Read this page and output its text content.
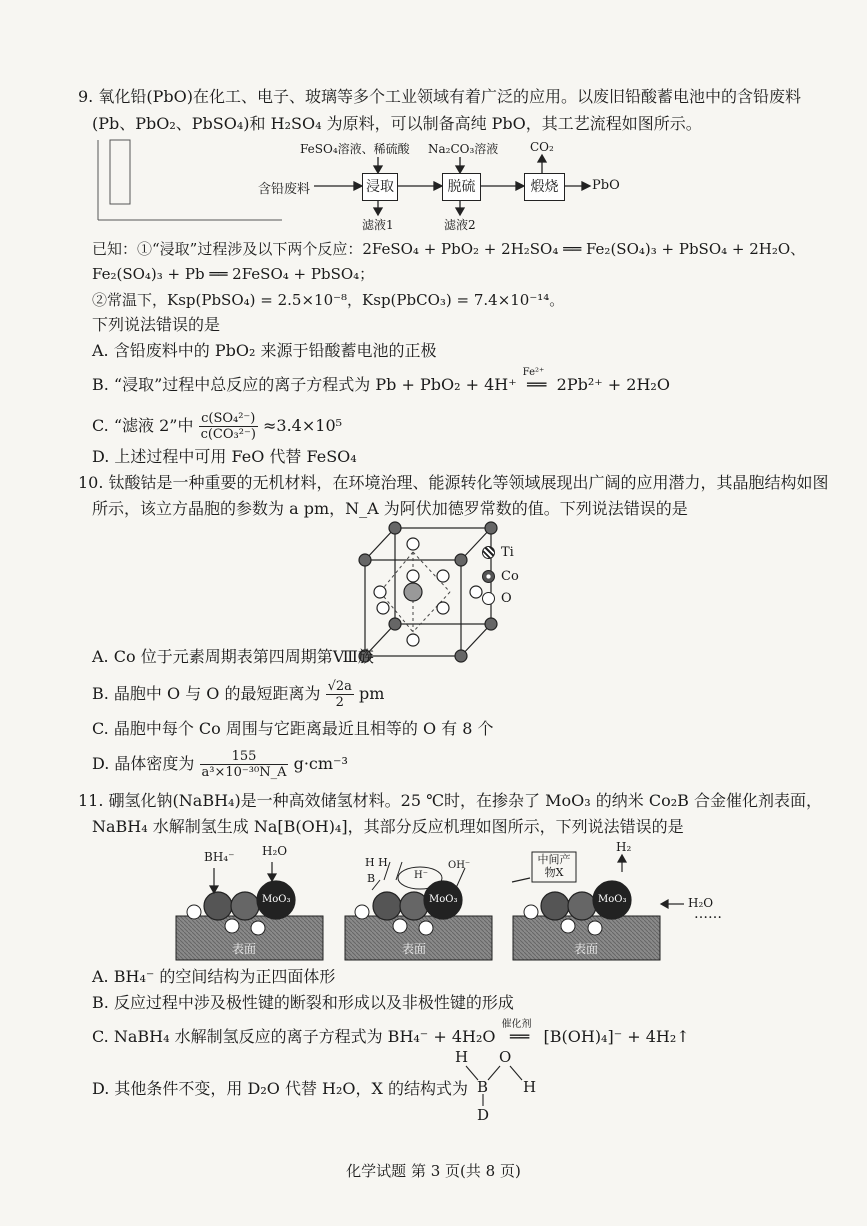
9. 氧化铅(PbO)在化工、电子、玻璃等多个工业领域有着广泛的应用。以废旧铅酸蓄电池中的含铅废料
(Pb、PbO₂、PbSO₄)和 H₂SO₄ 为原料，可以制备高纯 PbO，其工艺流程如图所示。
FeSO₄溶液、稀硫酸 Na₂CO₃溶液	CO₂
含铅废料	浸取	脱硫	煅烧	PbO
滤液1	滤液2
已知：①“浸取”过程涉及以下两个反应：2FeSO₄ + PbO₂ + 2H₂SO₄ ══ Fe₂(SO₄)₃ + PbSO₄ + 2H₂O、
Fe₂(SO₄)₃ + Pb ══ 2FeSO₄ + PbSO₄；
②常温下，Ksp(PbSO₄) = 2.5×10⁻⁸，Ksp(PbCO₃) = 7.4×10⁻¹⁴。
下列说法错误的是
A. 含铅废料中的 PbO₂ 来源于铅酸蓄电池的正极
B. “浸取”过程中总反应的离子方程式为 Pb + PbO₂ + 4H⁺
Fe²⁺
══ 2Pb²⁺ + 2H₂O
C. “滤液 2”中 $\frac{\text{c(SO₄²⁻)}}{\text{c(CO₃²⁻)}} \approx 3.4\times 10^5$
D. 上述过程中可用 FeO 代替 FeSO₄
10. 钛酸钴是一种重要的无机材料，在环境治理、能源转化等领域展现出广阔的应用潜力，其晶胞结构如图
所示，该立方晶胞的参数为 a pm，N_A 为阿伏加德罗常数的值。下列说法错误的是
Ti
Co
O
A. Co 位于元素周期表第四周期第Ⅷ族
B. 晶胞中 O 与 O 的最短距离为 $\frac{√2a}{2}$ pm
C. 晶胞中每个 Co 周围与它距离最近且相等的 O 有 8 个
D. 晶体密度为 $\frac{155}{\text{a³×10⁻³⁰N\_A}} g\cdot cm^{-3}$
11. 硼氢化钠(NaBH₄)是一种高效储氢材料。25 ℃时，在掺杂了 MoO₃ 的纳米 Co₂B 合金催化剂表面，
NaBH₄ 水解制氢生成 Na[B(OH)₄]，其部分反应机理如图所示，下列说法错误的是
BH₄⁻ H₂O
H H
B	H⁻
OH⁻
MoO₃	MoO₃	MoO₃
中间产物X
H₂
H₂O
……
表面	表面	表面
A. BH₄⁻ 的空间结构为正四面体形
B. 反应过程中涉及极性键的断裂和形成以及非极性键的形成
C. NaBH₄ 水解制氢反应的离子方程式为 BH₄⁻ + 4H₂O
催化剂
══ [B(OH)₄]⁻ + 4H₂↑
D. 其他条件不变，用 D₂O 代替 H₂O，X 的结构式为
H O
B H
D
化学试题 第 3 页(共 8 页)
